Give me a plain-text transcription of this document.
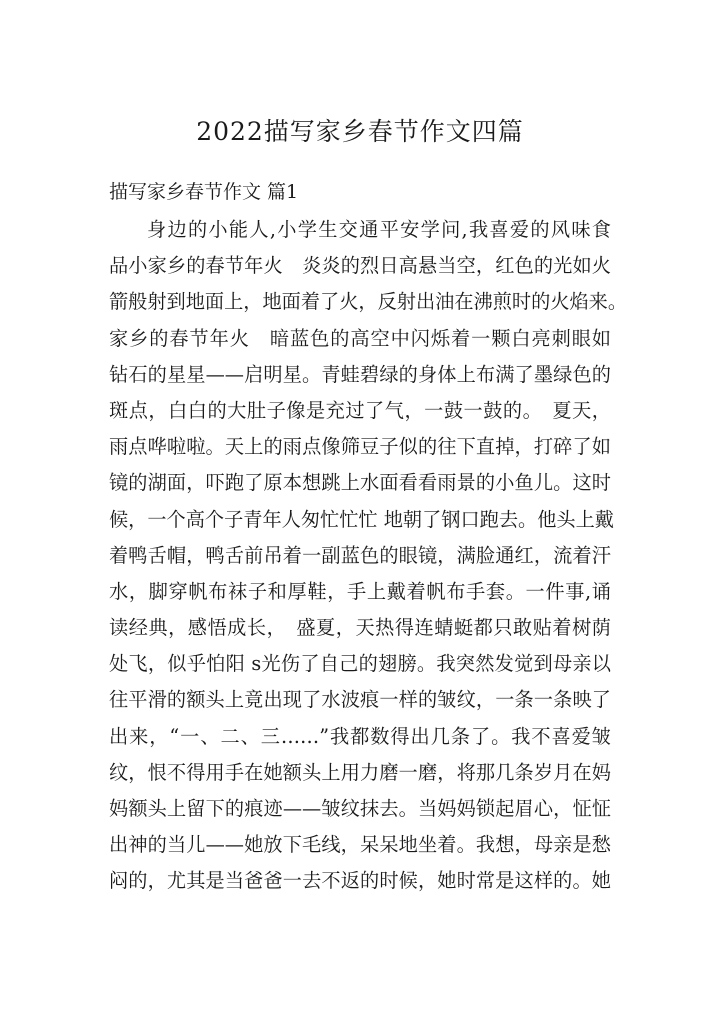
2022描写家乡春节作文四篇
描写家乡春节作文 篇1
身边的小能人,小学生交通平安学问,我喜爱的风味食
品小家乡的春节年火　炎炎的烈日高悬当空，红色的光如火
箭般射到地面上，地面着了火，反射出油在沸煎时的火焰来。
家乡的春节年火　暗蓝色的高空中闪烁着一颗白亮刺眼如
钻石的星星——启明星。青蛙碧绿的身体上布满了墨绿色的
斑点，白白的大肚子像是充过了气，一鼓一鼓的。　夏天，
雨点哗啦啦。天上的雨点像筛豆子似的往下直掉，打碎了如
镜的湖面，吓跑了原本想跳上水面看看雨景的小鱼儿。这时
候，一个高个子青年人匆忙忙忙 地朝了钢口跑去。他头上戴
着鸭舌帽，鸭舌前吊着一副蓝色的眼镜，满脸通红，流着汗
水，脚穿帆布袜子和厚鞋，手上戴着帆布手套。一件事,诵
读经典，感悟成长，　盛夏，天热得连蜻蜓都只敢贴着树荫
处飞，似乎怕阳 s光伤了自己的翅膀。我突然发觉到母亲以
往平滑的额头上竟出现了水波痕一样的皱纹，一条一条映了
出来，“一、二、三……”我都数得出几条了。我不喜爱皱
纹，恨不得用手在她额头上用力磨一磨，将那几条岁月在妈
妈额头上留下的痕迹——皱纹抹去。当妈妈锁起眉心，怔怔
出神的当儿——她放下毛线，呆呆地坐着。我想，母亲是愁
闷的，尤其是当爸爸一去不返的时候，她时常是这样的。她
